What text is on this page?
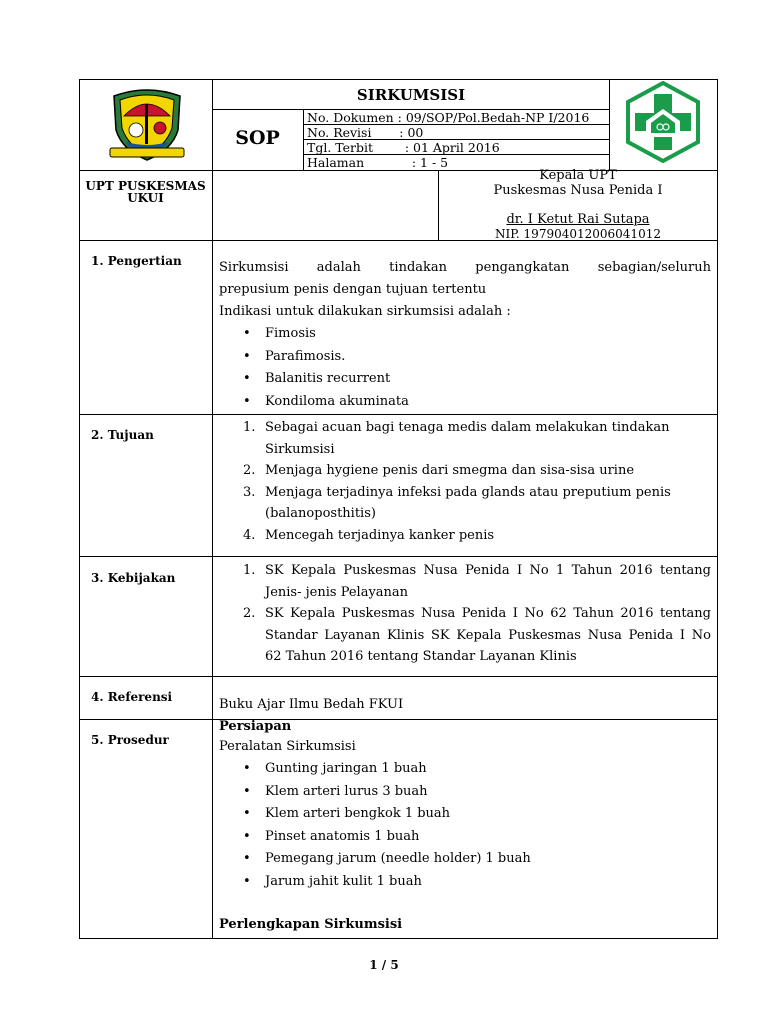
SIRKUMSISI
SOP
No. Dokumen : 09/SOP/Pol.Bedah-NP I/2016
No. Revisi       : 00
Tgl. Terbit        : 01 April 2016
Halaman            : 1 - 5
UPT PUSKESMAS
UKUI
Kepala UPT
Puskesmas Nusa Penida I
dr. I Ketut Rai Sutapa
NIP. 197904012006041012
1. Pengertian	Sirkumsisi adalah tindakan pengangkatan sebagian/seluruh
prepusium penis dengan tujuan tertentu
Indikasi untuk dilakukan sirkumsisi adalah :
• Fimosis
• Parafimosis.
• Balanitis recurrent
• Kondiloma akuminata
2. Tujuan	1. Sebagai acuan bagi tenaga medis dalam melakukan tindakan
Sirkumsisi
2. Menjaga hygiene penis dari smegma dan sisa-sisa urine
3. Menjaga terjadinya infeksi pada glands atau preputium penis
(balanoposthitis)
4. Mencegah terjadinya kanker penis
3. Kebijakan	1. SK Kepala Puskesmas Nusa Penida I No 1 Tahun 2016 tentang
Jenis- jenis Pelayanan
2. SK Kepala Puskesmas Nusa Penida I No 62 Tahun 2016 tentang
Standar Layanan Klinis SK Kepala Puskesmas Nusa Penida I No
62 Tahun 2016 tentang Standar Layanan Klinis
4. Referensi	Buku Ajar Ilmu Bedah FKUI
5. Prosedur
Persiapan
Peralatan Sirkumsisi
• Gunting jaringan 1 buah
• Klem arteri lurus 3 buah
• Klem arteri bengkok 1 buah
• Pinset anatomis 1 buah
• Pemegang jarum (needle holder) 1 buah
• Jarum jahit kulit 1 buah
Perlengkapan Sirkumsisi
1 / 5
